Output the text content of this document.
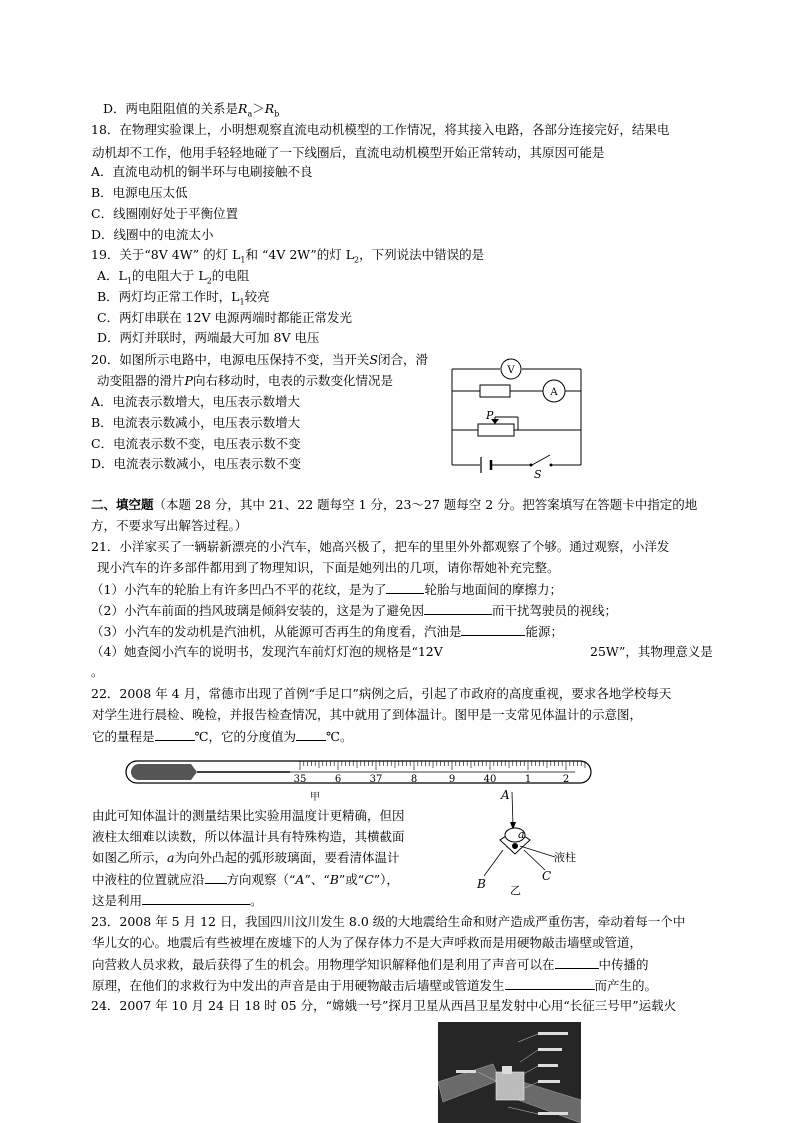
D．两电阻阻值的关系是$R_a>R_b$
18．在物理实验课上，小明想观察直流电动机模型的工作情况，将其接入电路，各部分连接完好，结果电
动机却不工作，他用手轻轻地碰了一下线圈后，直流电动机模型开始正常转动，其原因可能是
A．直流电动机的铜半环与电刷接触不良
B．电源电压太低
C．线圈刚好处于平衡位置
D．线圈中的电流太小
19．关于“8V 4W” 的灯 $L_1$和 “4V 2W”的灯 $L_2$，下列说法中错误的是
A．$L_1$的电阻大于 $L_2$的电阻
B．两灯均正常工作时，$L_1$较亮
C．两灯串联在 12V 电源两端时都能正常发光
D．两灯并联时，两端最大可加 8V 电压
20．如图所示电路中，电源电压保持不变，当开关S闭合，滑
动变阻器的滑片P向右移动时，电表的示数变化情况是
A．电流表示数增大，电压表示数增大
B．电流表示数减小，电压表示数增大
C．电流表示数不变，电压表示数不变
D．电流表示数减小，电压表示数不变
V
A
P
S
二、填空题（本题 28 分，其中 21、22 题每空 1 分，23～27 题每空 2 分。把答案填写在答题卡中指定的地
方，不要求写出解答过程。）
21．小洋家买了一辆崭新漂亮的小汽车，她高兴极了，把车的里里外外都观察了个够。通过观察，小洋发
现小汽车的许多部件都用到了物理知识，下面是她列出的几项，请你帮她补充完整。
（1）小汽车的轮胎上有许多凹凸不平的花纹，是为了	轮胎与地面间的摩擦力；
（2）小汽车前面的挡风玻璃是倾斜安装的，这是为了避免因	而干扰驾驶员的视线；
（3）小汽车的发动机是汽油机，从能源可否再生的角度看，汽油是	能源；
（4）她查阅小汽车的说明书，发现汽车前灯灯泡的规格是“12V	25W”，其物理意义是
。
22．2008 年 4 月，常德市出现了首例“手足口”病例之后，引起了市政府的高度重视，要求各地学校每天
对学生进行晨检、晚检，并报告检查情况，其中就用了到体温计。图甲是一支常见体温计的示意图，
它的量程是	℃，它的分度值为 ℃。
35	6	37	8	9	40	1	2
甲
由此可知体温计的测量结果比实验用温度计更精确，但因
液柱太细难以读数，所以体温计具有特殊构造，其横截面
如图乙所示，a为向外凸起的弧形玻璃面，要看清体温计
中液柱的位置就应沿 方向观察（“A”、“B”或“C”），
这是利用	。
A
a
液柱
C
B 乙
23．2008 年 5 月 12 日，我国四川汶川发生 8.0 级的大地震给生命和财产造成严重伤害，牵动着每一个中
华儿女的心。地震后有些被埋在废墟下的人为了保存体力不是大声呼救而是用硬物敲击墙壁或管道，
向营救人员求救，最后获得了生的机会。用物理学知识解释他们是利用了声音可以在	中传播的
原理，在他们的求救行为中发出的声音是由于用硬物敲击后墙壁或管道发生	而产生的。
24．2007 年 10 月 24 日 18 时 05 分，“嫦娥一号”探月卫星从西昌卫星发射中心用“长征三号甲”运载火
